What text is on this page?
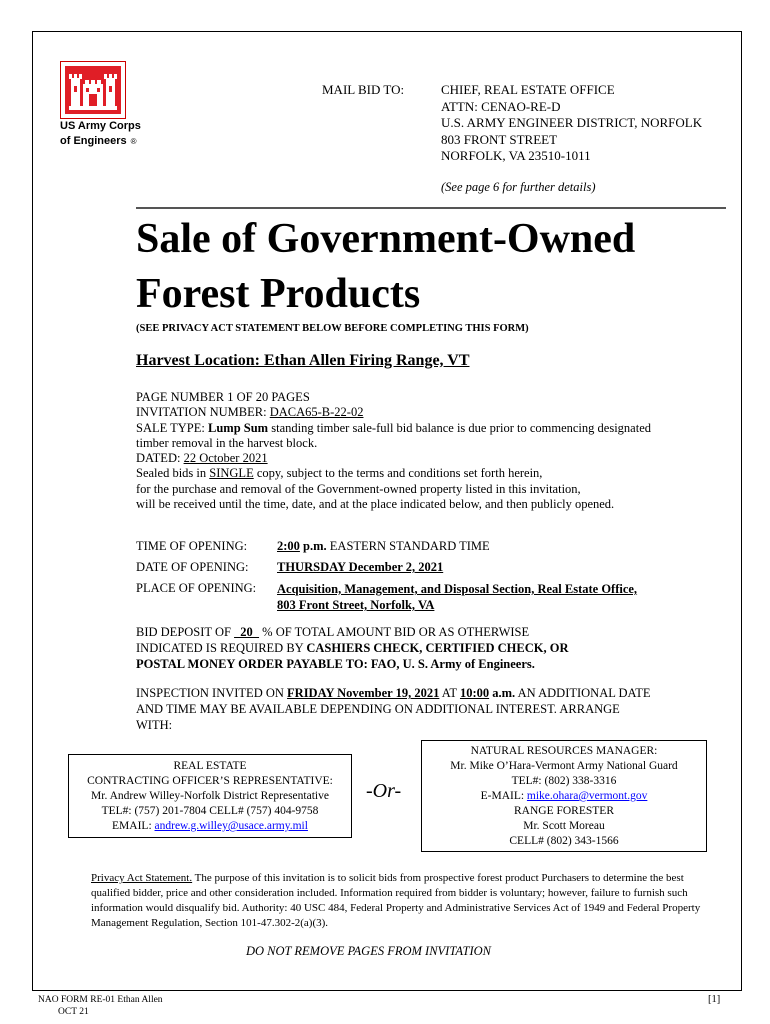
US Army Corps
of Engineers ®
MAIL BID TO:	CHIEF, REAL ESTATE OFFICE
ATTN: CENAO-RE-D
U.S. ARMY ENGINEER DISTRICT, NORFOLK
803 FRONT STREET
NORFOLK, VA 23510-1011
(See page 6 for further details)
Sale of Government-Owned
Forest Products
(SEE PRIVACY ACT STATEMENT BELOW BEFORE COMPLETING THIS FORM)
Harvest Location: Ethan Allen Firing Range, VT
PAGE NUMBER 1 OF 20 PAGES
INVITATION NUMBER: DACA65-B-22-02
SALE TYPE: Lump Sum standing timber sale-full bid balance is due prior to commencing designated
timber removal in the harvest block.
DATED: 22 October 2021
Sealed bids in SINGLE copy, subject to the terms and conditions set forth herein,
for the purchase and removal of the Government-owned property listed in this invitation,
will be received until the time, date, and at the place indicated below, and then publicly opened.
TIME OF OPENING: 2:00 p.m. EASTERN STANDARD TIME
DATE OF OPENING: THURSDAY December 2, 2021
PLACE OF OPENING: Acquisition, Management, and Disposal Section, Real Estate Office,
803 Front Street, Norfolk, VA
BID DEPOSIT OF   20   % OF TOTAL AMOUNT BID OR AS OTHERWISE
INDICATED IS REQUIRED BY CASHIERS CHECK, CERTIFIED CHECK, OR
POSTAL MONEY ORDER PAYABLE TO: FAO, U. S. Army of Engineers.
INSPECTION INVITED ON FRIDAY November 19, 2021 AT 10:00 a.m. AN ADDITIONAL DATE
AND TIME MAY BE AVAILABLE DEPENDING ON ADDITIONAL INTEREST. ARRANGE
WITH:
REAL ESTATE
CONTRACTING OFFICER’S REPRESENTATIVE:
Mr. Andrew Willey-Norfolk District Representative
TEL#: (757) 201-7804 CELL# (757) 404-9758
EMAIL: andrew.g.willey@usace.army.mil
-Or-
NATURAL RESOURCES MANAGER:
Mr. Mike O’Hara-Vermont Army National Guard
TEL#: (802) 338-3316
E-MAIL: mike.ohara@vermont.gov
RANGE FORESTER
Mr. Scott Moreau
CELL# (802) 343-1566
Privacy Act Statement. The purpose of this invitation is to solicit bids from prospective forest product Purchasers to determine the best qualified bidder, price and other consideration included. Information required from bidder is voluntary; however, failure to furnish such information would disqualify bid. Authority: 40 USC 484, Federal Property and Administrative Services Act of 1949 and Federal Property Management Regulation, Section 101-47.302-2(a)(3).
DO NOT REMOVE PAGES FROM INVITATION
NAO FORM RE-01 Ethan Allen
OCT 21
[1]
